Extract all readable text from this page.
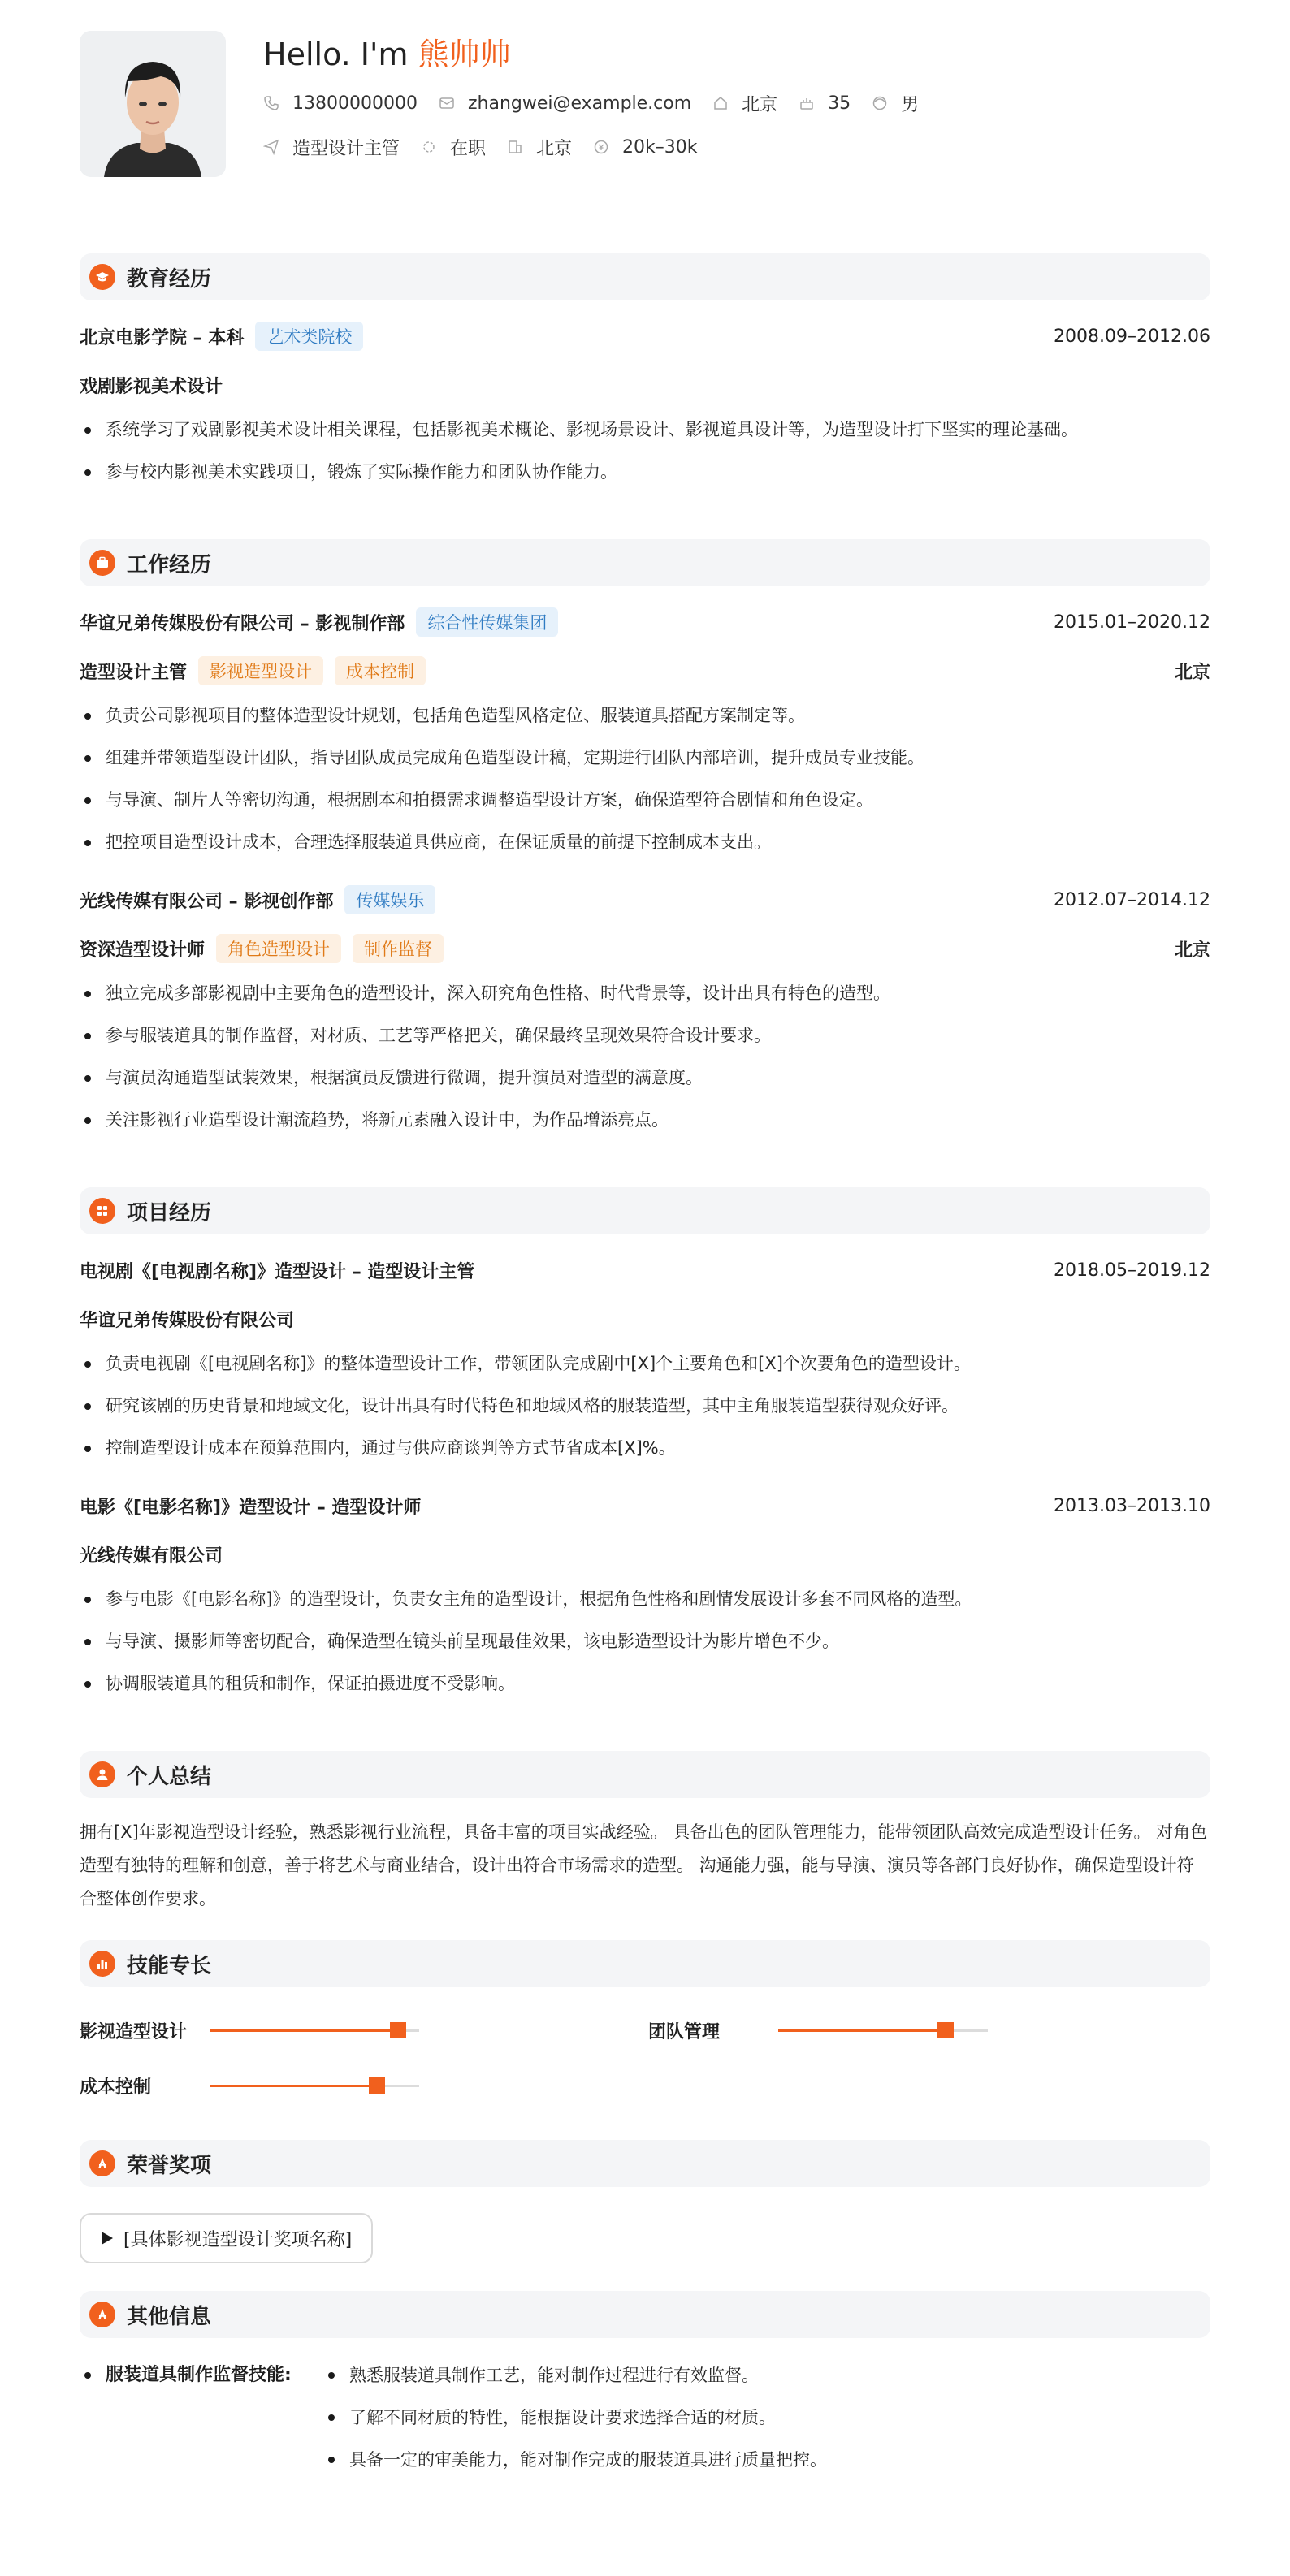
Hello. I'm 熊帅帅
13800000000	zhangwei@example.com	北京	35	男
造型设计主管	在职	北京	20k–30k
教育经历
北京电影学院 – 本科	艺术类院校	2008.09–2012.06
戏剧影视美术设计
系统学习了戏剧影视美术设计相关课程，包括影视美术概论、影视场景设计、影视道具设计等，为造型设计打下坚实的理论基础。
参与校内影视美术实践项目，锻炼了实际操作能力和团队协作能力。
工作经历
华谊兄弟传媒股份有限公司 – 影视制作部	综合性传媒集团	2015.01–2020.12
造型设计主管	影视造型设计	成本控制	北京
负责公司影视项目的整体造型设计规划，包括角色造型风格定位、服装道具搭配方案制定等。
组建并带领造型设计团队，指导团队成员完成角色造型设计稿，定期进行团队内部培训，提升成员专业技能。
与导演、制片人等密切沟通，根据剧本和拍摄需求调整造型设计方案，确保造型符合剧情和角色设定。
把控项目造型设计成本，合理选择服装道具供应商，在保证质量的前提下控制成本支出。
光线传媒有限公司 – 影视创作部	传媒娱乐	2012.07–2014.12
资深造型设计师	角色造型设计	制作监督	北京
独立完成多部影视剧中主要角色的造型设计，深入研究角色性格、时代背景等，设计出具有特色的造型。
参与服装道具的制作监督，对材质、工艺等严格把关，确保最终呈现效果符合设计要求。
与演员沟通造型试装效果，根据演员反馈进行微调，提升演员对造型的满意度。
关注影视行业造型设计潮流趋势，将新元素融入设计中，为作品增添亮点。
项目经历
电视剧《[电视剧名称]》造型设计 – 造型设计主管	2018.05–2019.12
华谊兄弟传媒股份有限公司
负责电视剧《[电视剧名称]》的整体造型设计工作，带领团队完成剧中[X]个主要角色和[X]个次要角色的造型设计。
研究该剧的历史背景和地域文化，设计出具有时代特色和地域风格的服装造型，其中主角服装造型获得观众好评。
控制造型设计成本在预算范围内，通过与供应商谈判等方式节省成本[X]%。
电影《[电影名称]》造型设计 – 造型设计师	2013.03–2013.10
光线传媒有限公司
参与电影《[电影名称]》的造型设计，负责女主角的造型设计，根据角色性格和剧情发展设计多套不同风格的造型。
与导演、摄影师等密切配合，确保造型在镜头前呈现最佳效果，该电影造型设计为影片增色不少。
协调服装道具的租赁和制作，保证拍摄进度不受影响。
个人总结

拥有[X]年影视造型设计经验，熟悉影视行业流程，具备丰富的项目实战经验。 具备出色的团队管理能力，能带领团队高效完成造型设计任务。 对角色造型有独特的理解和创意，善于将艺术与商业结合，设计出符合市场需求的造型。 沟通能力强，能与导演、演员等各部门良好协作，确保造型设计符合整体创作要求。

技能专长
影视造型设计	团队管理
成本控制
荣誉奖项
[具体影视造型设计奖项名称]
其他信息
服装道具制作监督技能:	熟悉服装道具制作工艺，能对制作过程进行有效监督。
了解不同材质的特性，能根据设计要求选择合适的材质。
具备一定的审美能力，能对制作完成的服装道具进行质量把控。
